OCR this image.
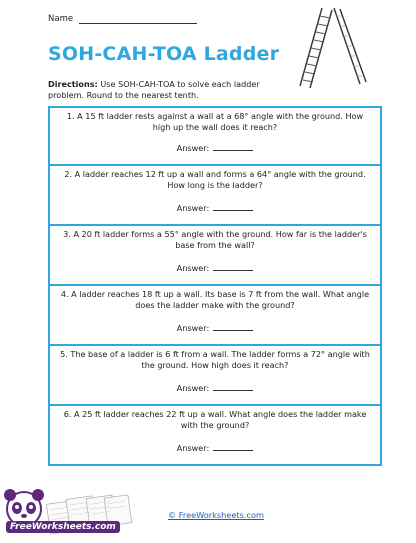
Name
SOH-CAH-TOA Ladder
Directions: Use SOH-CAH-TOA to solve each ladder problem. Round to the nearest tenth.
1. A 15 ft ladder rests against a wall at a 68° angle with the ground. How high up the wall does it reach?
Answer:
2. A ladder reaches 12 ft up a wall and forms a 64° angle with the ground. How long is the ladder?
Answer:
3. A 20 ft ladder forms a 55° angle with the ground. How far is the ladder's base from the wall?
Answer:
4. A ladder reaches 18 ft up a wall. Its base is 7 ft from the wall. What angle does the ladder make with the ground?
Answer:
5. The base of a ladder is 6 ft from a wall. The ladder forms a 72° angle with the ground. How high does it reach?
Answer:
6. A 25 ft ladder reaches 22 ft up a wall. What angle does the ladder make with the ground?
Answer:
FreeWorksheets.com
© FreeWorksheets.com
